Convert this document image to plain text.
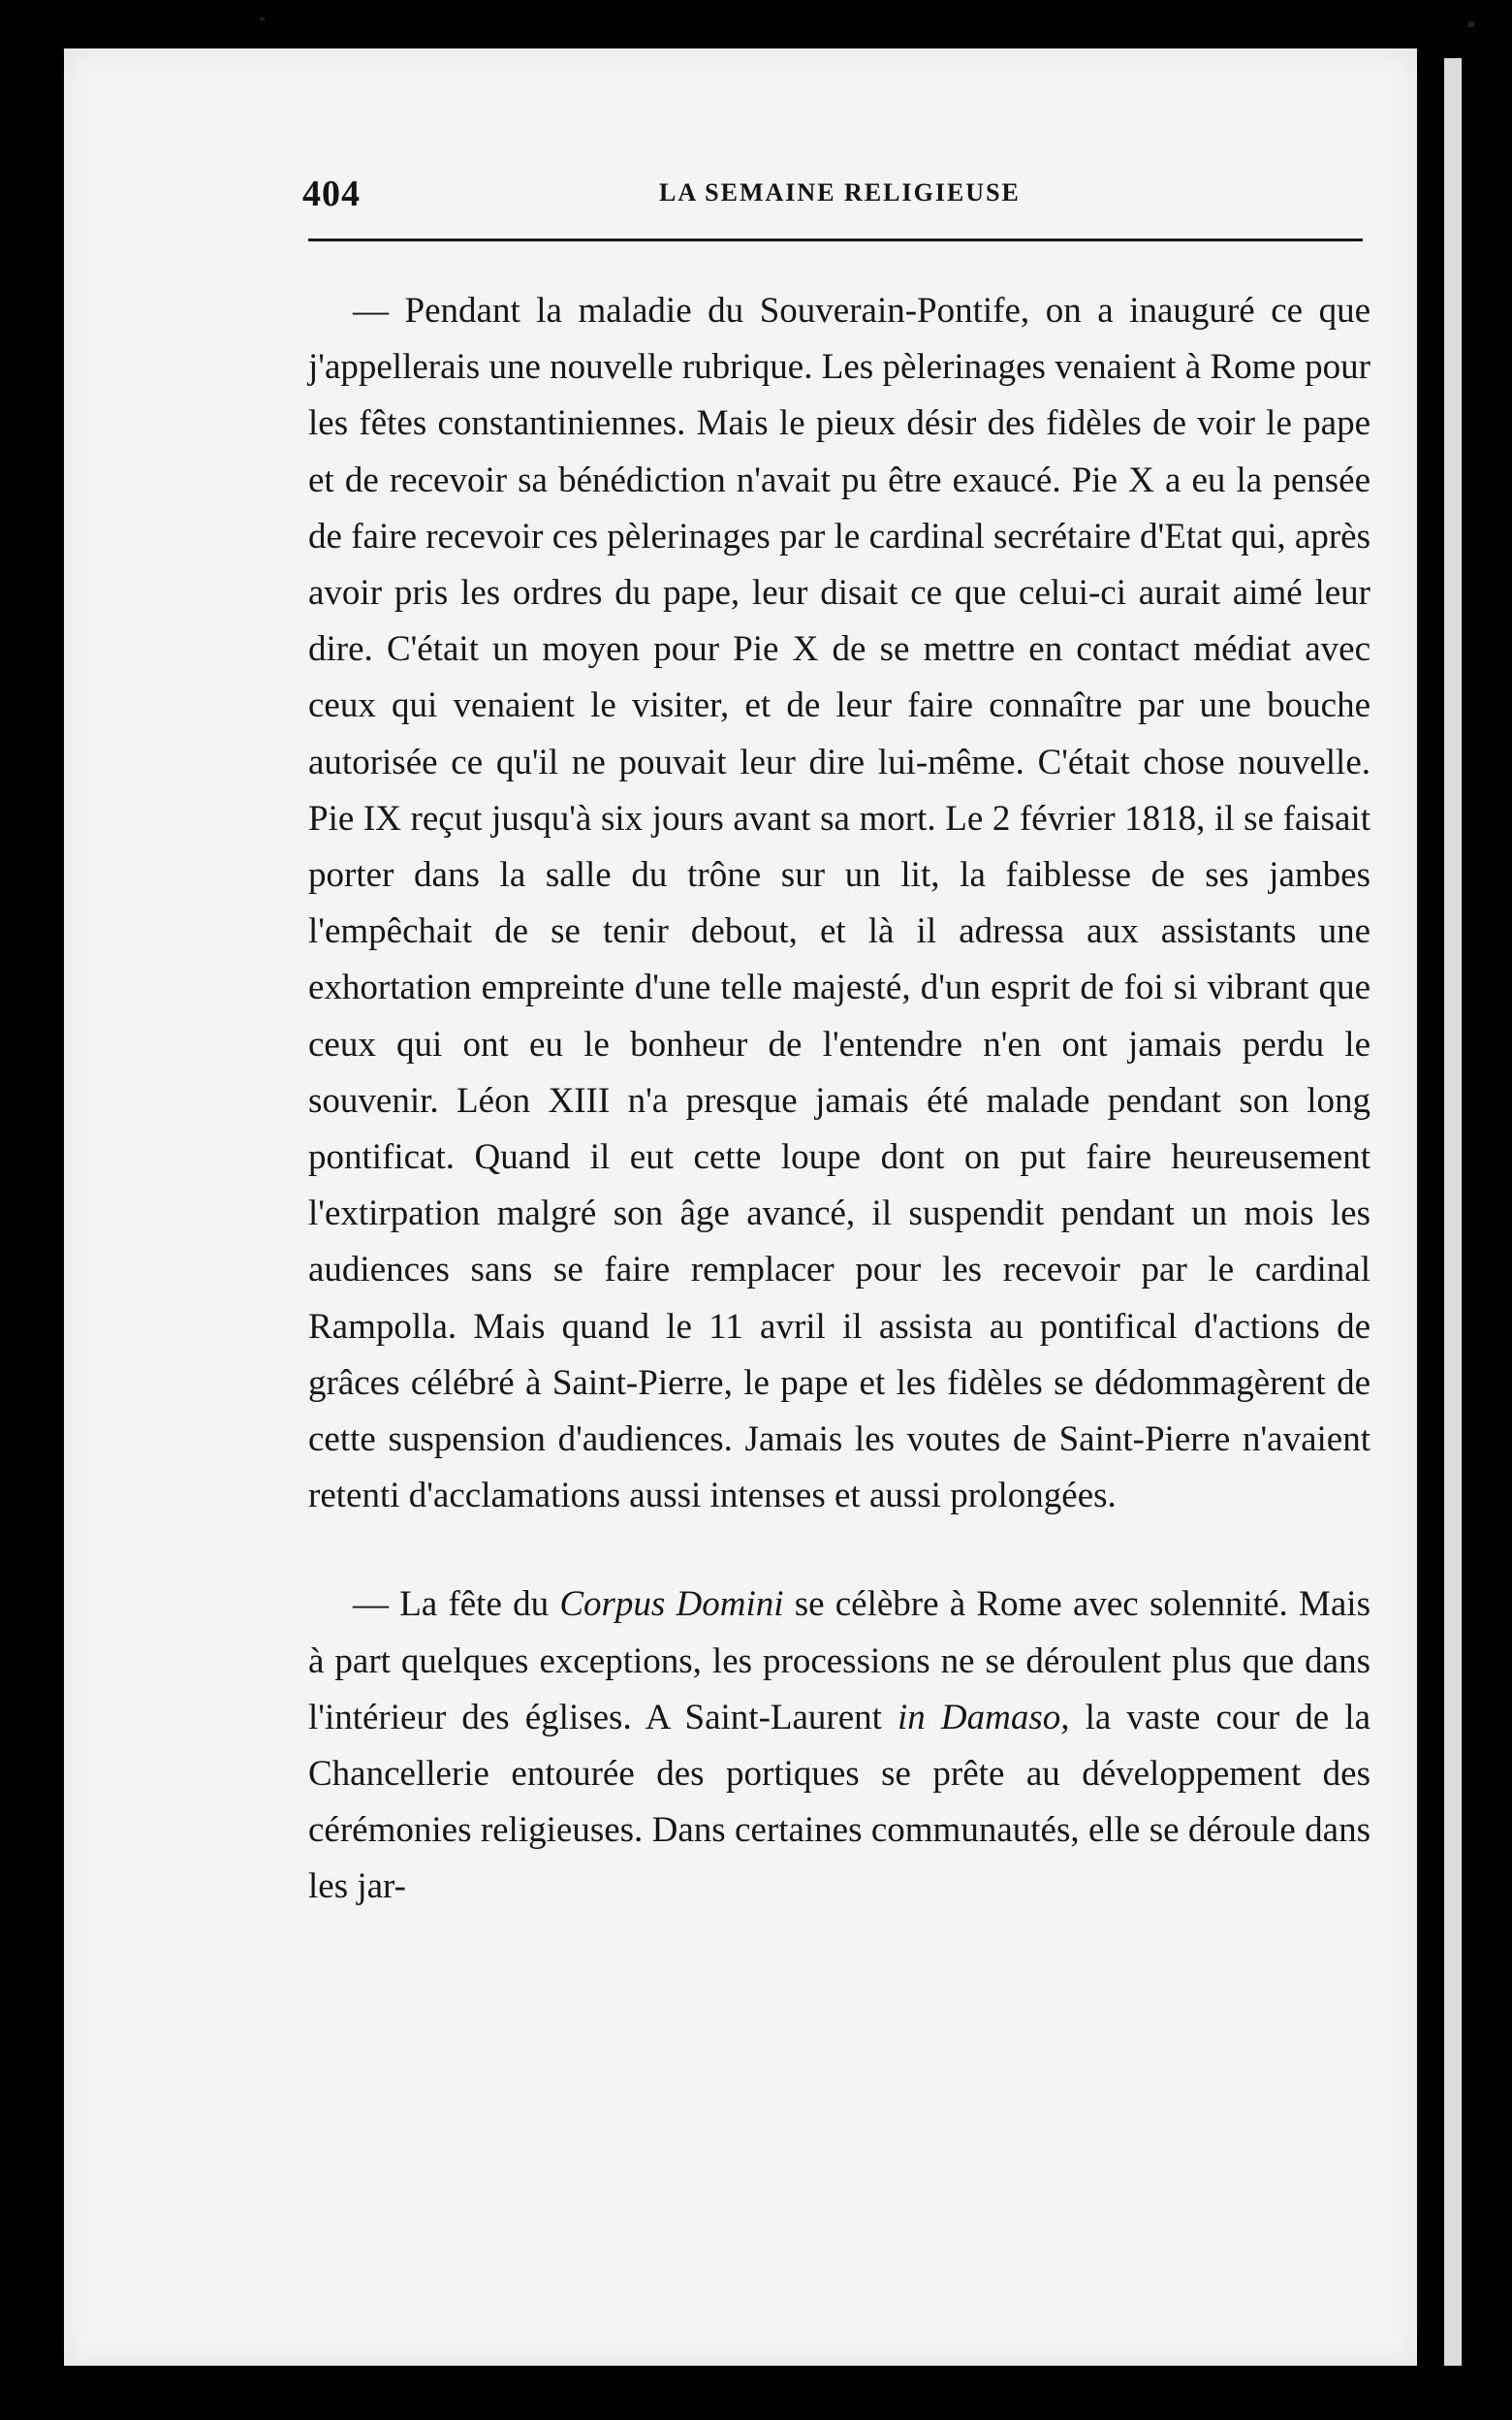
404	LA SEMAINE RELIGIEUSE

— Pendant la maladie du Souverain-Pontife, on a inauguré ce que j'appellerais une nouvelle rubrique. Les pèlerinages venaient à Rome pour les fêtes constantiniennes. Mais le pieux désir des fidèles de voir le pape et de recevoir sa bénédiction n'avait pu être exaucé. Pie X a eu la pensée de faire recevoir ces pèlerinages par le cardinal secrétaire d'Etat qui, après avoir pris les ordres du pape, leur disait ce que celui-ci aurait aimé leur dire. C'était un moyen pour Pie X de se mettre en contact médiat avec ceux qui venaient le visiter, et de leur faire connaître par une bouche autorisée ce qu'il ne pouvait leur dire lui-même. C'était chose nouvelle. Pie IX reçut jusqu'à six jours avant sa mort. Le 2 février 1818, il se faisait porter dans la salle du trône sur un lit, la faiblesse de ses jambes l'empêchait de se tenir debout, et là il adressa aux assistants une exhortation empreinte d'une telle majesté, d'un esprit de foi si vibrant que ceux qui ont eu le bonheur de l'entendre n'en ont jamais perdu le souvenir. Léon XIII n'a presque jamais été malade pendant son long pontificat. Quand il eut cette loupe dont on put faire heureusement l'extirpation malgré son âge avancé, il suspendit pendant un mois les audiences sans se faire remplacer pour les recevoir par le cardinal Rampolla. Mais quand le 11 avril il assista au pontifical d'actions de grâces célébré à Saint-Pierre, le pape et les fidèles se dédommagèrent de cette suspension d'audiences. Jamais les voutes de Saint-Pierre n'avaient retenti d'acclamations aussi intenses et aussi prolongées.

— La fête du Corpus Domini se célèbre à Rome avec solennité. Mais à part quelques exceptions, les processions ne se déroulent plus que dans l'intérieur des églises. A Saint-Laurent in Damaso, la vaste cour de la Chancellerie entourée des portiques se prête au développement des cérémonies religieuses. Dans certaines communautés, elle se déroule dans les jar-
